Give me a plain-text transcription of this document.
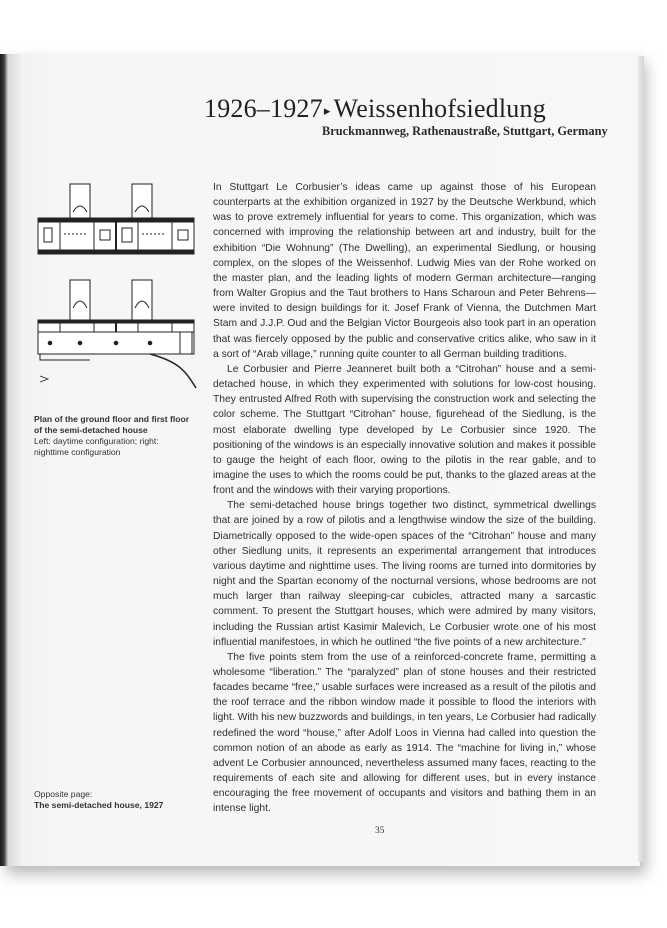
1926–1927▸ Weissenhofsiedlung
Bruckmannweg, Rathenaustraße, Stuttgart, Germany
Plan of the ground floor and first floor of the semi-detached house
Left: daytime configuration; right: nighttime configuration

In Stuttgart Le Corbusier’s ideas came up against those of his European counterparts at the exhibition organized in 1927 by the Deutsche Werkbund, which was to prove extremely influential for years to come. This organization, which was concerned with improving the relationship between art and industry, built for the exhibition “Die Wohnung” (The Dwelling), an experimental Siedlung, or housing complex, on the slopes of the Weissenhof. Ludwig Mies van der Rohe worked on the master plan, and the leading lights of modern German architecture—ranging from Walter Gropius and the Taut brothers to Hans Scharoun and Peter Behrens—were invited to design buildings for it. Josef Frank of Vienna, the Dutchmen Mart Stam and J.J.P. Oud and the Belgian Victor Bourgeois also took part in an operation that was fiercely opposed by the public and conservative critics alike, who saw in it a sort of “Arab village,” running quite counter to all German building traditions.

Le Corbusier and Pierre Jeanneret built both a “Citrohan” house and a semi-detached house, in which they experimented with solutions for low-cost housing. They entrusted Alfred Roth with supervising the construction work and selecting the color scheme. The Stuttgart “Citrohan” house, figurehead of the Siedlung, is the most elaborate dwelling type developed by Le Corbusier since 1920. The positioning of the windows is an especially innovative solution and makes it possible to gauge the height of each floor, owing to the pilotis in the rear gable, and to imagine the uses to which the rooms could be put, thanks to the glazed areas at the front and the windows with their varying proportions.

The semi-detached house brings together two distinct, symmetrical dwellings that are joined by a row of pilotis and a lengthwise window the size of the building. Diametrically opposed to the wide-open spaces of the “Citrohan” house and many other Siedlung units, it represents an experimental arrangement that introduces various daytime and nighttime uses. The living rooms are turned into dormitories by night and the Spartan economy of the nocturnal versions, whose bedrooms are not much larger than railway sleeping-car cubicles, attracted many a sarcastic comment. To present the Stuttgart houses, which were admired by many visitors, including the Russian artist Kasimir Malevich, Le Corbusier wrote one of his most influential manifestoes, in which he outlined “the five points of a new architecture.”

The five points stem from the use of a reinforced-concrete frame, permitting a wholesome “liberation.” The “paralyzed” plan of stone houses and their restricted facades became “free,” usable surfaces were increased as a result of the pilotis and the roof terrace and the ribbon window made it possible to flood the interiors with light. With his new buzzwords and buildings, in ten years, Le Corbusier had radically redefined the word “house,” after Adolf Loos in Vienna had called into question the common notion of an abode as early as 1914. The “machine for living in,” whose advent Le Corbusier announced, nevertheless assumed many faces, reacting to the requirements of each site and allowing for different uses, but in every instance encouraging the free movement of occupants and visitors and bathing them in an intense light.

Opposite page:
The semi-detached house, 1927
35
